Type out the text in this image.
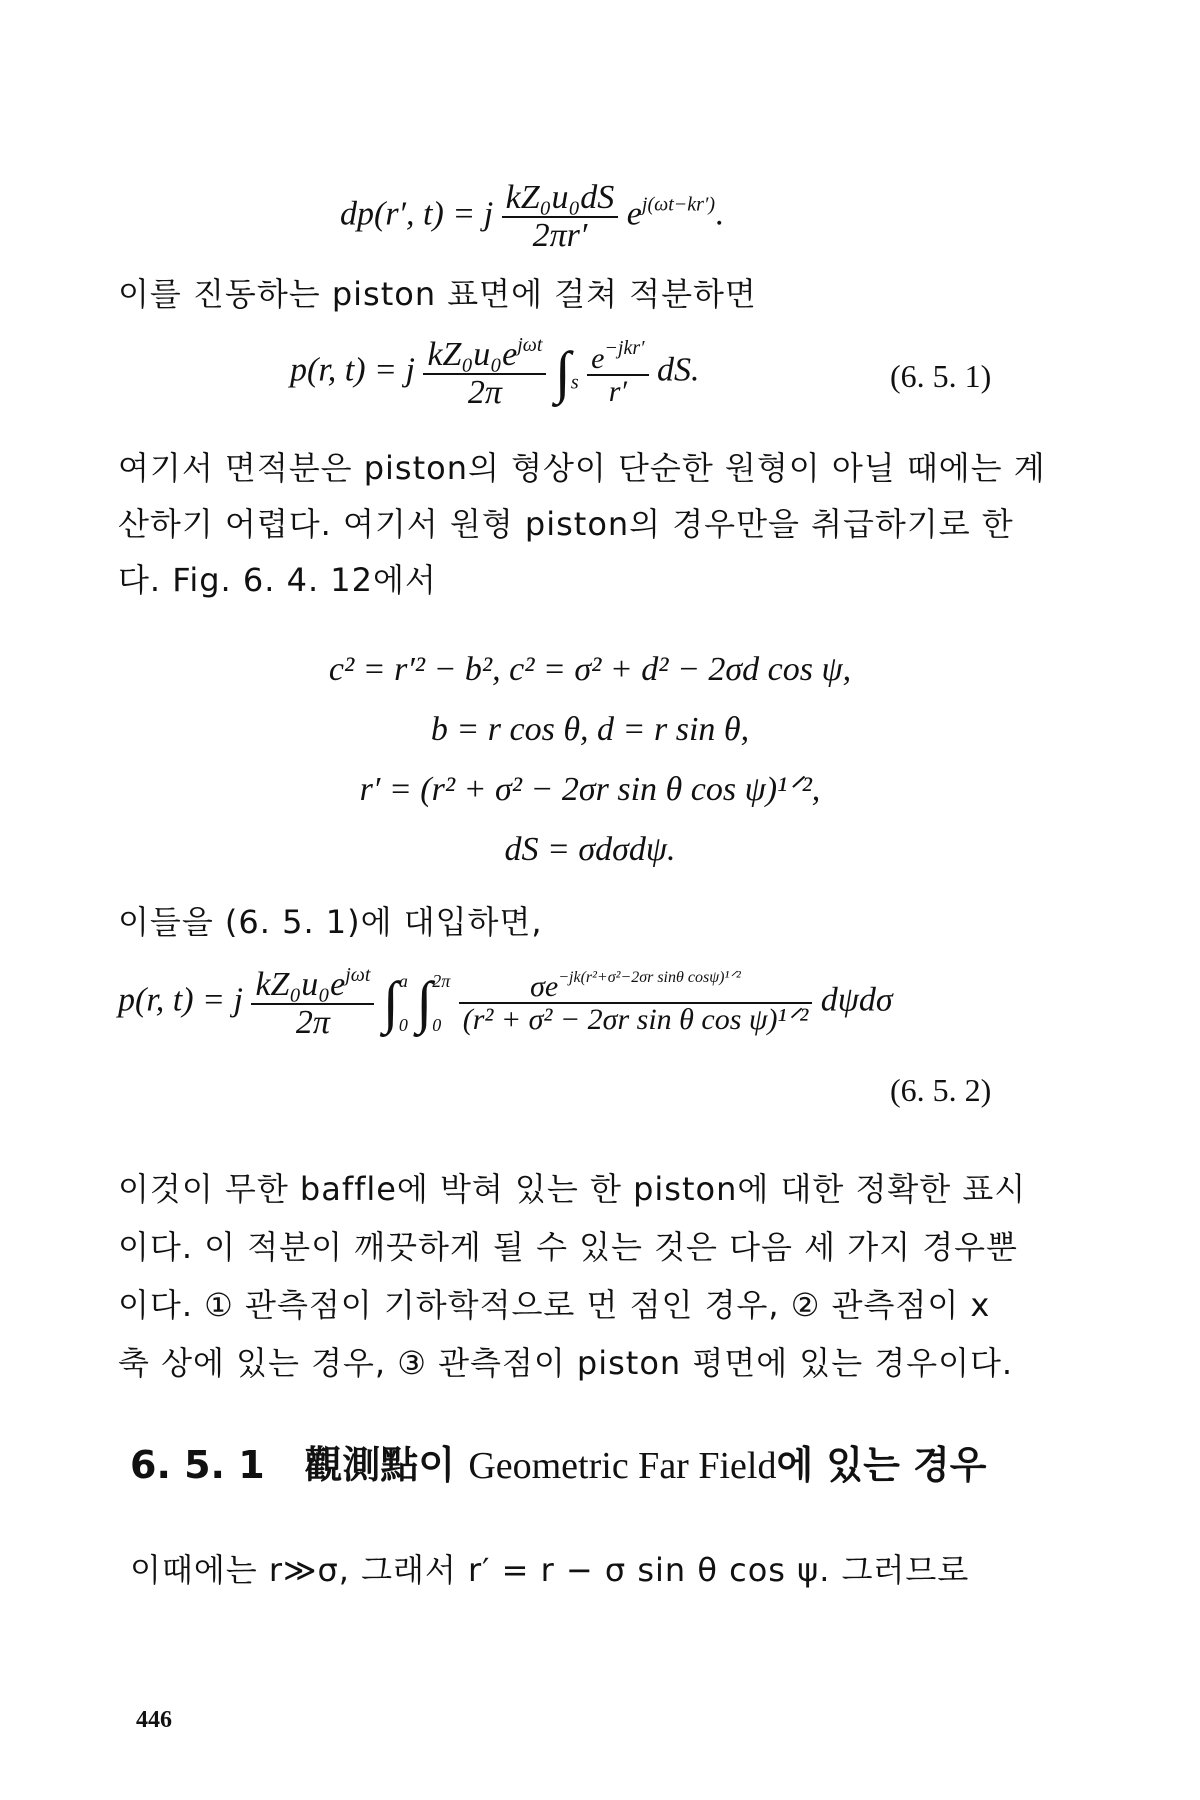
dp(r′, t) = j $\frac{\text{kZ₀u₀dS}}{2\pi r'} e^{j(\omega t-kr')}$.
이를 진동하는 piston 표면에 걸쳐 적분하면
p(r, t) = j $\frac{kZ_0u_0e^{j\omega t}}{2\pi} \int_s \frac{e^{-jkr'}}{r'}$ dS.	(6. 5. 1)
여기서 면적분은 piston의 형상이 단순한 원형이 아닐 때에는 계
산하기 어렵다. 여기서 원형 piston의 경우만을 취급하기로 한
다. Fig. 6. 4. 12에서
c² = r′² − b², c² = σ² + d² − 2σd cos ψ,
b = r cos θ, d = r sin θ,
r′ = (r² + σ² − 2σr sin θ cos ψ)¹ᐟ²,
dS = σdσdψ.
이들을 (6. 5. 1)에 대입하면,
p(r, t) = j $\frac{kZ_0u_0e^{j\omega t}}{2\pi}$ ∫ a
0 ∫ 2π
0
$\frac{\sigma e^{-jk(r^2+\sigma^2-2\sigma r sin\theta cos\psi)^1ᐟ^2}}{\text{(r² + σ² − 2σr sin θ cos ψ)¹ᐟ²}}$ dψdσ
(6. 5. 2)
이것이 무한 baffle에 박혀 있는 한 piston에 대한 정확한 표시
이다. 이 적분이 깨끗하게 될 수 있는 것은 다음 세 가지 경우뿐
이다. ① 관측점이 기하학적으로 먼 점인 경우, ② 관측점이 x
축 상에 있는 경우, ③ 관측점이 piston 평면에 있는 경우이다.
6. 5. 1 觀測點이 Geometric Far Field에 있는 경우
이때에는 r≫σ, 그래서 r′ = r − σ sin θ cos ψ. 그러므로
446
